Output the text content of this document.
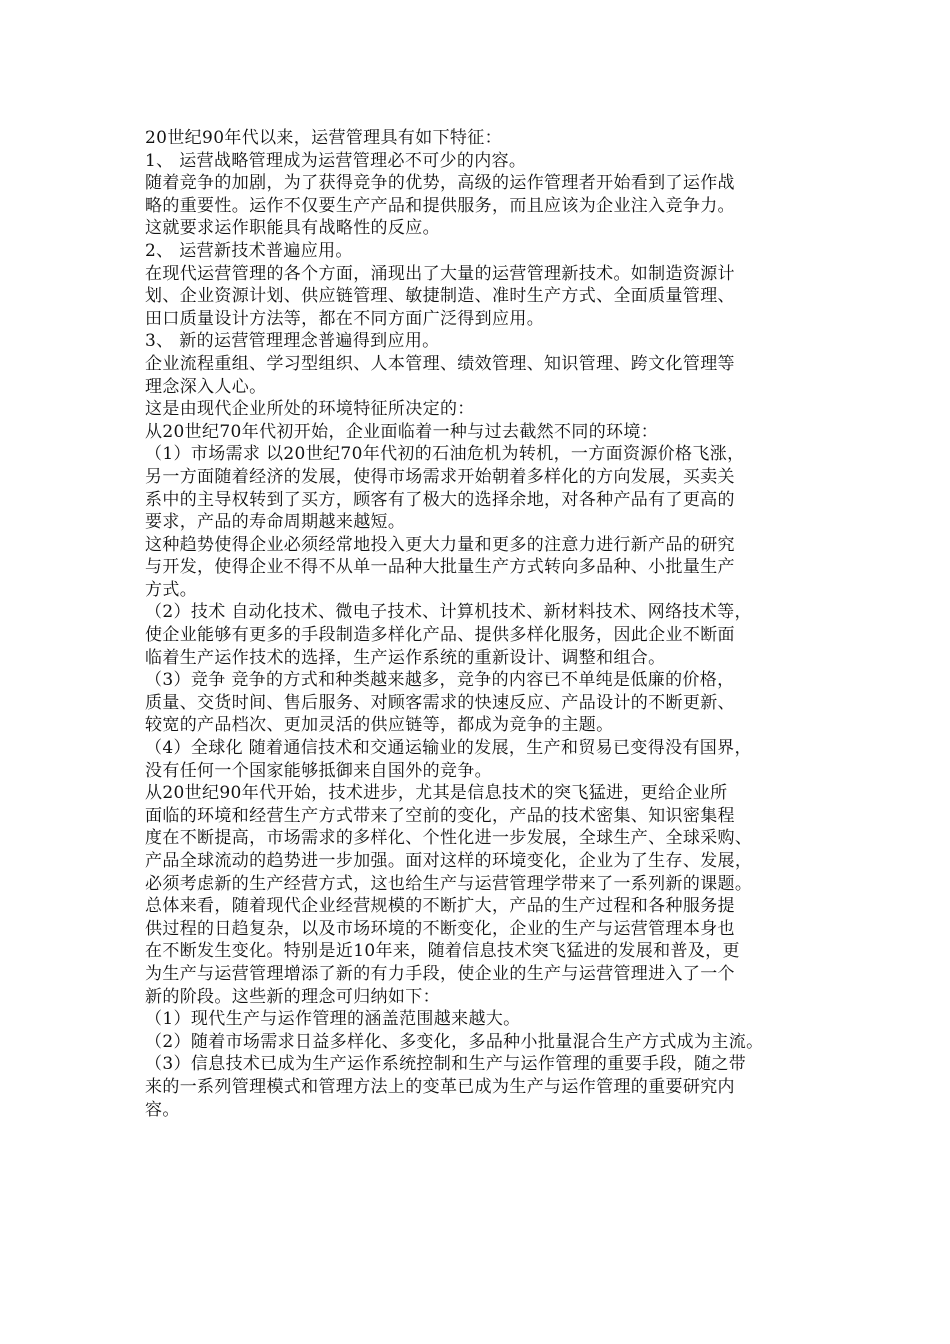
20世纪90年代以来，运营管理具有如下特征：

1、 运营战略管理成为运营管理必不可少的内容。

随着竞争的加剧，为了获得竞争的优势，高级的运作管理者开始看到了运作战

略的重要性。运作不仅要生产产品和提供服务，而且应该为企业注入竞争力。

这就要求运作职能具有战略性的反应。

2、 运营新技术普遍应用。

在现代运营管理的各个方面，涌现出了大量的运营管理新技术。如制造资源计

划、企业资源计划、供应链管理、敏捷制造、准时生产方式、全面质量管理、

田口质量设计方法等，都在不同方面广泛得到应用。

3、 新的运营管理理念普遍得到应用。

企业流程重组、学习型组织、人本管理、绩效管理、知识管理、跨文化管理等

理念深入人心。

这是由现代企业所处的环境特征所决定的：

从20世纪70年代初开始，企业面临着一种与过去截然不同的环境：

（1）市场需求 以20世纪70年代初的石油危机为转机，一方面资源价格飞涨，

另一方面随着经济的发展，使得市场需求开始朝着多样化的方向发展，买卖关

系中的主导权转到了买方，顾客有了极大的选择余地，对各种产品有了更高的

要求，产品的寿命周期越来越短。

这种趋势使得企业必须经常地投入更大力量和更多的注意力进行新产品的研究

与开发，使得企业不得不从单一品种大批量生产方式转向多品种、小批量生产

方式。

（2）技术 自动化技术、微电子技术、计算机技术、新材料技术、网络技术等，

使企业能够有更多的手段制造多样化产品、提供多样化服务，因此企业不断面

临着生产运作技术的选择，生产运作系统的重新设计、调整和组合。

（3）竞争 竞争的方式和种类越来越多，竞争的内容已不单纯是低廉的价格，

质量、交货时间、售后服务、对顾客需求的快速反应、产品设计的不断更新、

较宽的产品档次、更加灵活的供应链等，都成为竞争的主题。

（4）全球化 随着通信技术和交通运输业的发展，生产和贸易已变得没有国界，

没有任何一个国家能够抵御来自国外的竞争。

从20世纪90年代开始，技术进步，尤其是信息技术的突飞猛进，更给企业所

面临的环境和经营生产方式带来了空前的变化，产品的技术密集、知识密集程

度在不断提高，市场需求的多样化、个性化进一步发展，全球生产、全球采购、

产品全球流动的趋势进一步加强。面对这样的环境变化，企业为了生存、发展，

必须考虑新的生产经营方式，这也给生产与运营管理学带来了一系列新的课题。

总体来看，随着现代企业经营规模的不断扩大，产品的生产过程和各种服务提

供过程的日趋复杂，以及市场环境的不断变化，企业的生产与运营管理本身也

在不断发生变化。特别是近10年来，随着信息技术突飞猛进的发展和普及，更

为生产与运营管理增添了新的有力手段，使企业的生产与运营管理进入了一个

新的阶段。这些新的理念可归纳如下：

（1）现代生产与运作管理的涵盖范围越来越大。

（2）随着市场需求日益多样化、多变化，多品种小批量混合生产方式成为主流。

（3）信息技术已成为生产运作系统控制和生产与运作管理的重要手段，随之带

来的一系列管理模式和管理方法上的变革已成为生产与运作管理的重要研究内

容。
